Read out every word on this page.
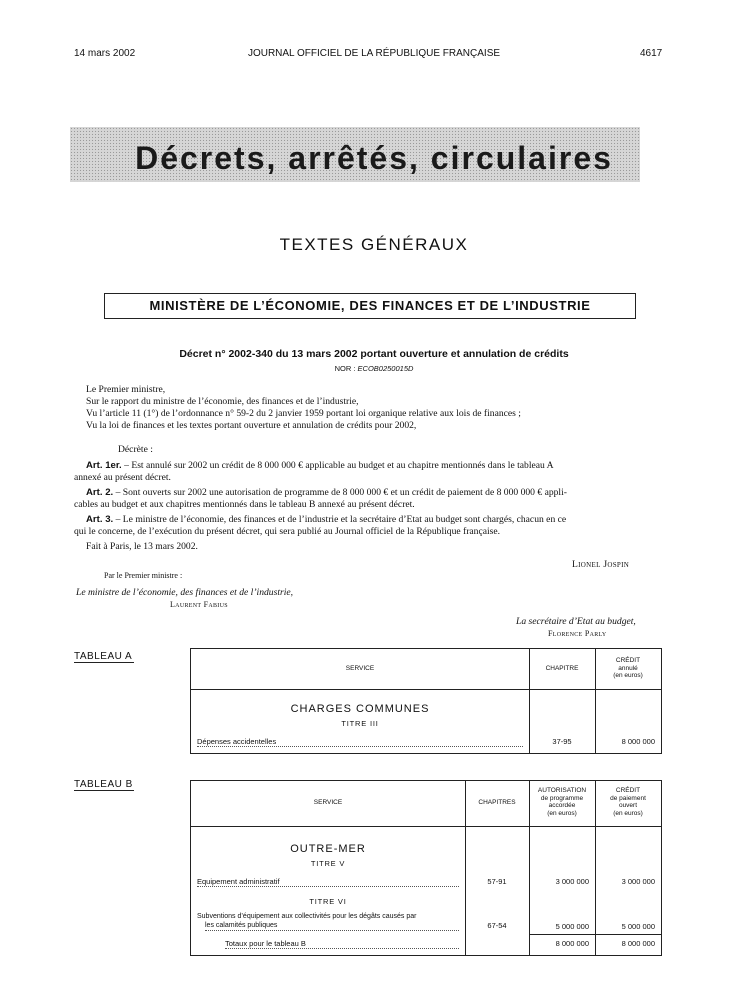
14 mars 2002	JOURNAL OFFICIEL DE LA RÉPUBLIQUE FRANÇAISE	4617
Décrets, arrêtés, circulaires
TEXTES GÉNÉRAUX
MINISTÈRE DE L’ÉCONOMIE, DES FINANCES ET DE L’INDUSTRIE
Décret n° 2002-340 du 13 mars 2002 portant ouverture et annulation de crédits
NOR : ECOB0250015D
Le Premier ministre,
Sur le rapport du ministre de l’économie, des finances et de l’industrie,
Vu l’article 11 (1°) de l’ordonnance n° 59-2 du 2 janvier 1959 portant loi organique relative aux lois de finances ;
Vu la loi de finances et les textes portant ouverture et annulation de crédits pour 2002,
Décrète :
Art. 1er. – Est annulé sur 2002 un crédit de 8 000 000 € applicable au budget et au chapitre mentionnés dans le tableau A
annexé au présent décret.
Art. 2. – Sont ouverts sur 2002 une autorisation de programme de 8 000 000 € et un crédit de paiement de 8 000 000 € appli-
cables au budget et aux chapitres mentionnés dans le tableau B annexé au présent décret.
Art. 3. – Le ministre de l’économie, des finances et de l’industrie et la secrétaire d’Etat au budget sont chargés, chacun en ce
qui le concerne, de l’exécution du présent décret, qui sera publié au Journal officiel de la République française.
Fait à Paris, le 13 mars 2002.
Lionel Jospin
Par le Premier ministre :
Le ministre de l’économie, des finances et de l’industrie,
Laurent Fabius
La secrétaire d’Etat au budget,
Florence Parly
TABLEAU A
SERVICE	CHAPITRE
CRÉDIT
annulé
(en euros)
CHARGES COMMUNES
TITRE III
Dépenses accidentelles	37-95	8 000 000
TABLEAU B
SERVICE	CHAPITRES
AUTORISATION
de programme
accordée
(en euros)
CRÉDIT
de paiement
ouvert
(en euros)
OUTRE-MER
TITRE V
Equipement administratif	57-91	3 000 000	3 000 000
TITRE VI
Subventions d’équipement aux collectivités pour les dégâts causés par
les calamités publiques	67-54	5 000 000	5 000 000
Totaux pour le tableau B	8 000 000	8 000 000
